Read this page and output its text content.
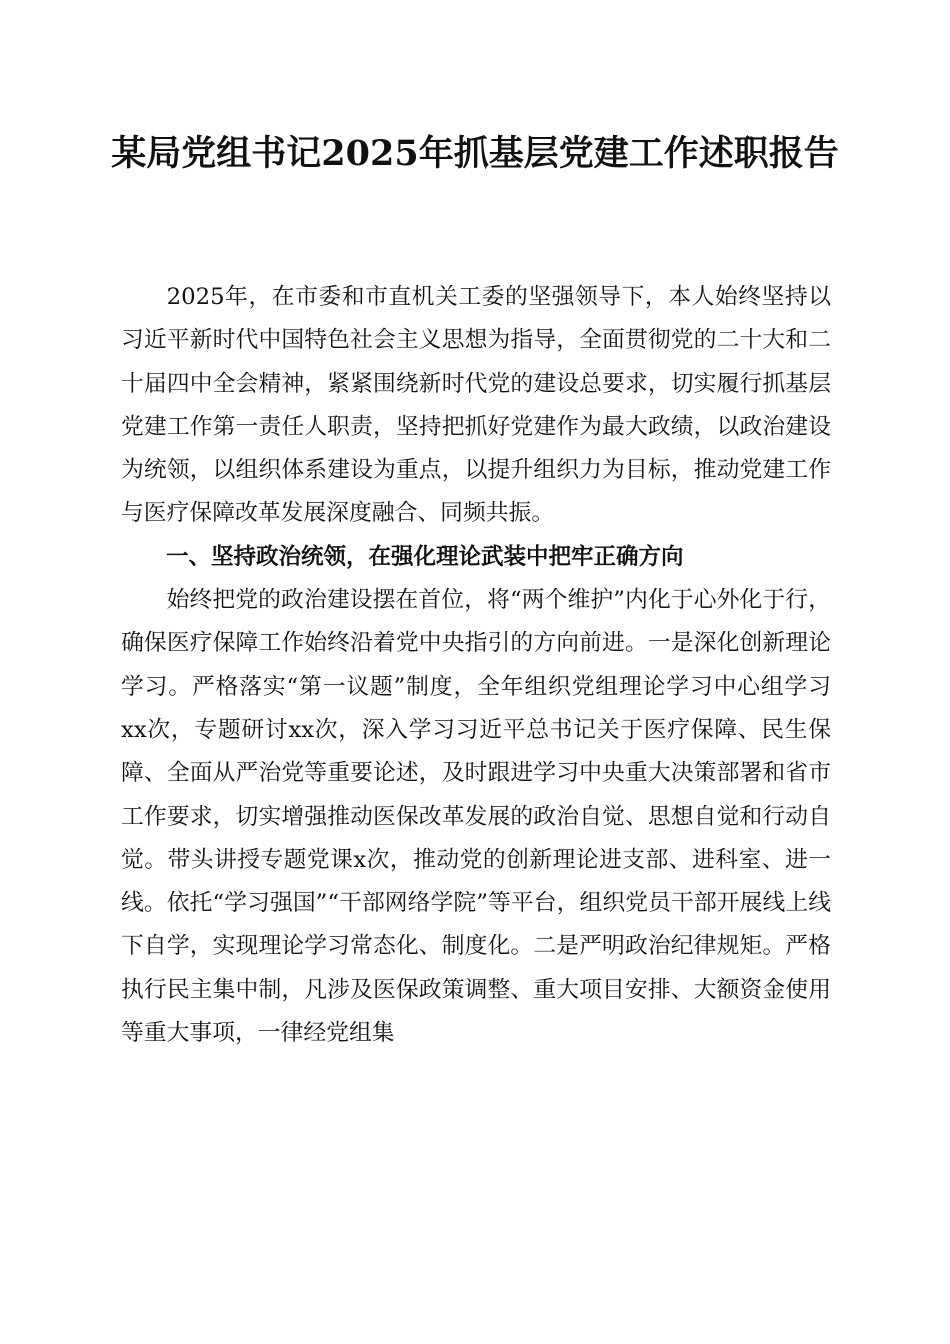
某局党组书记2025年抓基层党建工作述职报告

2025年，在市委和市直机关工委的坚强领导下，本人始终坚持以习近平新时代中国特色社会主义思想为指导，全面贯彻党的二十大和二十届四中全会精神，紧紧围绕新时代党的建设总要求，切实履行抓基层党建工作第一责任人职责，坚持把抓好党建作为最大政绩，以政治建设为统领，以组织体系建设为重点，以提升组织力为目标，推动党建工作与医疗保障改革发展深度融合、同频共振。

一、坚持政治统领，在强化理论武装中把牢正确方向

始终把党的政治建设摆在首位，将“两个维护”内化于心外化于行，确保医疗保障工作始终沿着党中央指引的方向前进。一是深化创新理论学习。严格落实“第一议题”制度，全年组织党组理论学习中心组学习xx次，专题研讨xx次，深入学习习近平总书记关于医疗保障、民生保障、全面从严治党等重要论述，及时跟进学习中央重大决策部署和省市工作要求，切实增强推动医保改革发展的政治自觉、思想自觉和行动自觉。带头讲授专题党课x次，推动党的创新理论进支部、进科室、进一线。依托“学习强国”“干部网络学院”等平台，组织党员干部开展线上线下自学，实现理论学习常态化、制度化。二是严明政治纪律规矩。严格执行民主集中制，凡涉及医保政策调整、重大项目安排、大额资金使用等重大事项，一律经党组集
